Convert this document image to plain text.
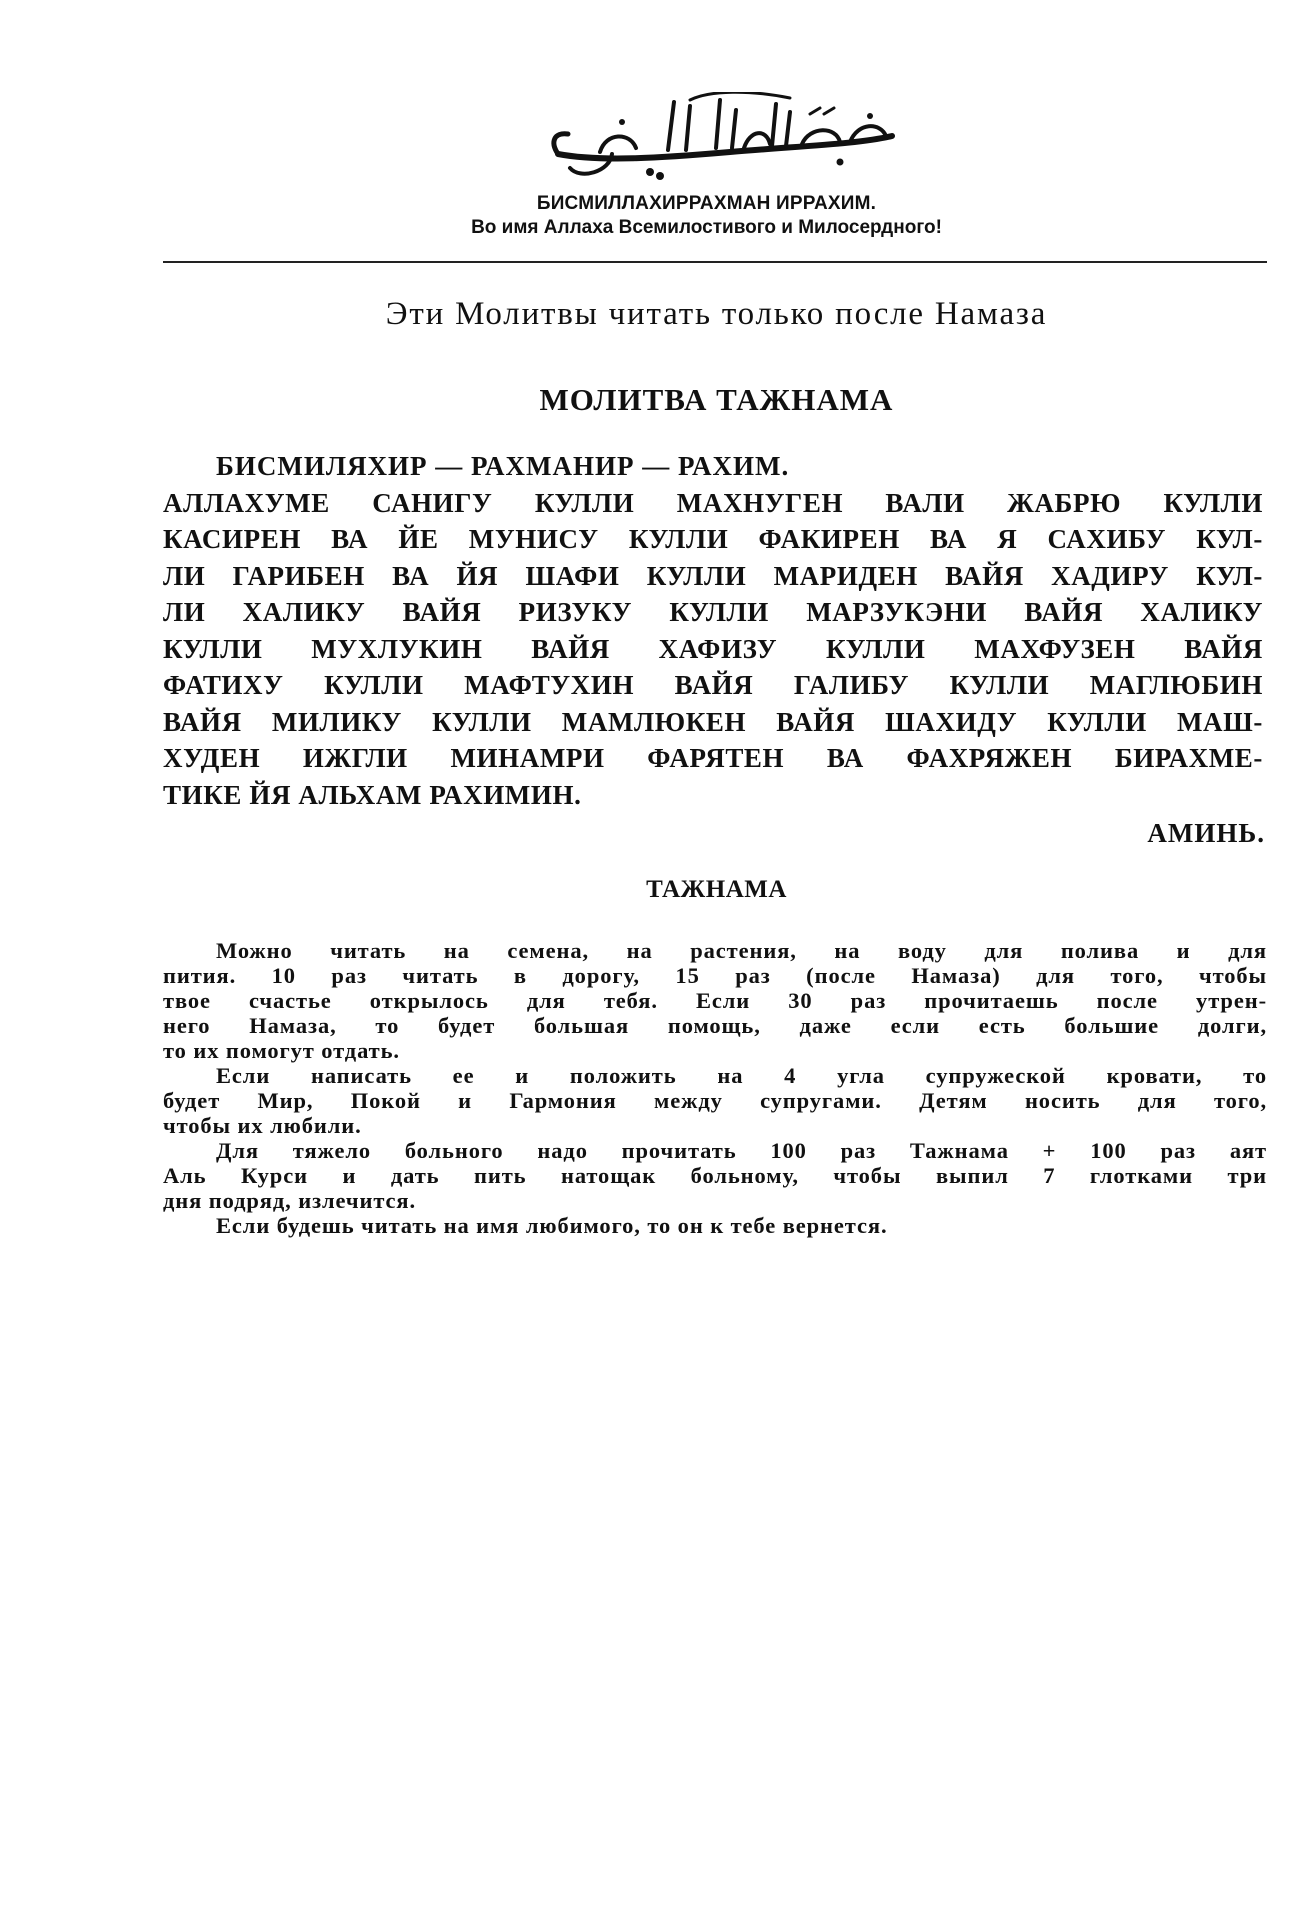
БИСМИЛЛАХИРРАХМАН ИРРАХИМ.
Во имя Аллаха Всемилостивого и Милосердного!
Эти Молитвы читать только после Намаза
МОЛИТВА ТАЖНАМА
БИСМИЛЯХИР — РАХМАНИР — РАХИМ.
АЛЛАХУМЕ САНИГУ КУЛЛИ МАХНУГЕН ВАЛИ ЖАБРЮ КУЛЛИ
КАСИРЕН ВА ЙЕ МУНИСУ КУЛЛИ ФАКИРЕН ВА Я САХИБУ КУЛ-
ЛИ ГАРИБЕН ВА ЙЯ ШАФИ КУЛЛИ МАРИДЕН ВАЙЯ ХАДИРУ КУЛ-
ЛИ ХАЛИКУ ВАЙЯ РИЗУКУ КУЛЛИ МАРЗУКЭНИ ВАЙЯ ХАЛИКУ
КУЛЛИ МУХЛУКИН ВАЙЯ ХАФИЗУ КУЛЛИ МАХФУЗЕН ВАЙЯ
ФАТИХУ КУЛЛИ МАФТУХИН ВАЙЯ ГАЛИБУ КУЛЛИ МАГЛЮБИН
ВАЙЯ МИЛИКУ КУЛЛИ МАМЛЮКЕН ВАЙЯ ШАХИДУ КУЛЛИ МАШ-
ХУДЕН ИЖГЛИ МИНАМРИ ФАРЯТЕН ВА ФАХРЯЖЕН БИРАХМЕ-
ТИКЕ ЙЯ АЛЬХАМ РАХИМИН.
АМИНЬ.
ТАЖНАМА
Можно читать на семена, на растения, на воду для полива и для
пития. 10 раз читать в дорогу, 15 раз (после Намаза) для того, чтобы
твое счастье открылось для тебя. Если 30 раз прочитаешь после утрен-
него Намаза, то будет большая помощь, даже если есть большие долги,
то их помогут отдать.
Если написать ее и положить на 4 угла супружеской кровати, то
будет Мир, Покой и Гармония между супругами. Детям носить для того,
чтобы их любили.
Для тяжело больного надо прочитать 100 раз Тажнама + 100 раз аят
Аль Курси и дать пить натощак больному, чтобы выпил 7 глотками три
дня подряд, излечится.
Если будешь читать на имя любимого, то он к тебе вернется.
